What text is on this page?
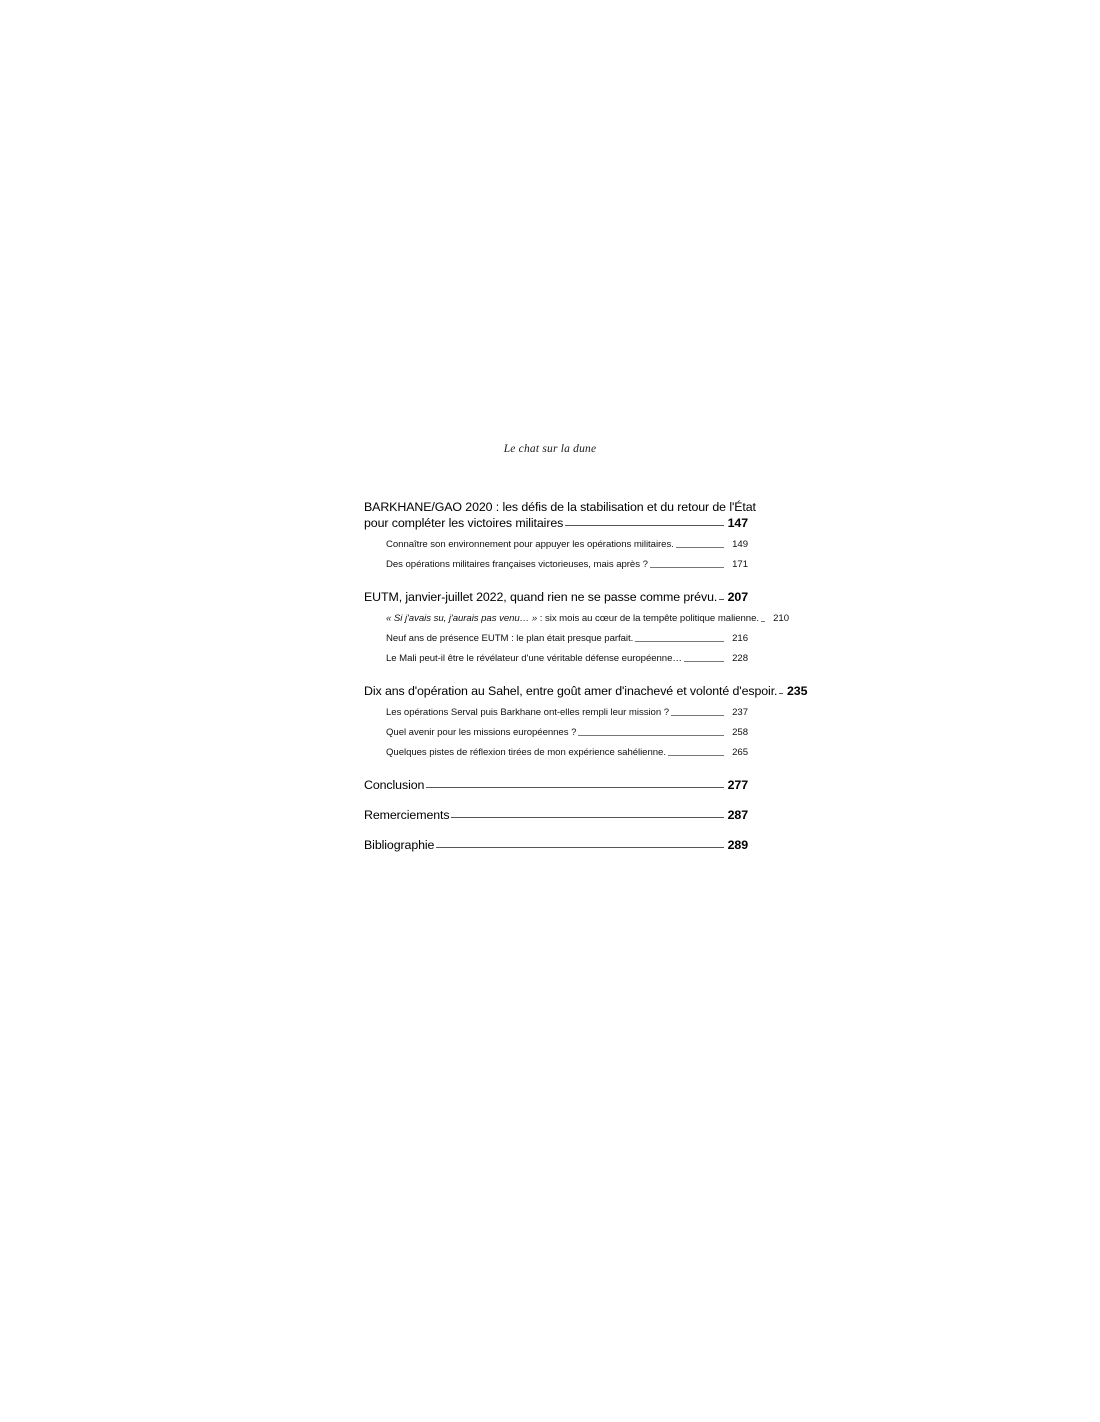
Le chat sur la dune
BARKHANE/GAO 2020 : les défis de la stabilisation et du retour de l'État
pour compléter les victoires militaires	147
Connaître son environnement pour appuyer les opérations militaires.	149
Des opérations militaires françaises victorieuses, mais après ?	171
EUTM, janvier-juillet 2022, quand rien ne se passe comme prévu. 207
« Si j'avais su, j'aurais pas venu… » : six mois au cœur de la tempête politique malienne.	210
Neuf ans de présence EUTM : le plan était presque parfait.	216
Le Mali peut-il être le révélateur d'une véritable défense européenne…	228
Dix ans d'opération au Sahel, entre goût amer d'inachevé et volonté d'espoir. 235
Les opérations Serval puis Barkhane ont-elles rempli leur mission ?	237
Quel avenir pour les missions européennes ?	258
Quelques pistes de réflexion tirées de mon expérience sahélienne.	265
Conclusion	277
Remerciements	287
Bibliographie	289
